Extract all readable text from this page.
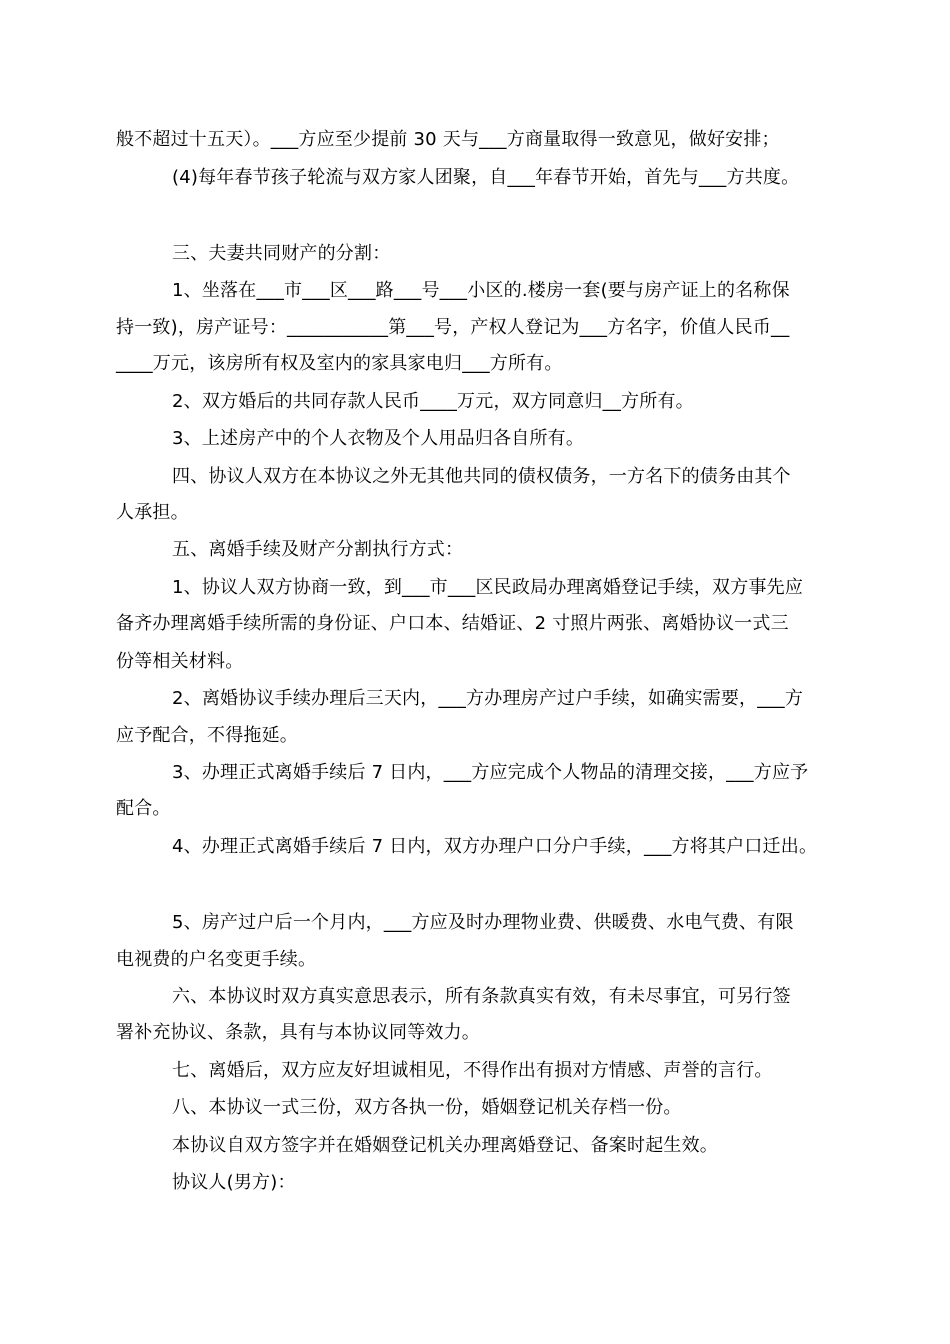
般不超过十五天）。___方应至少提前 30 天与___方商量取得一致意见，做好安排；
(4)每年春节孩子轮流与双方家人团聚，自___年春节开始，首先与___方共度。
三、夫妻共同财产的分割：
1、坐落在___市___区___路___号___小区的.楼房一套(要与房产证上的名称保
持一致)，房产证号：___________第___号，产权人登记为___方名字，价值人民币__
____万元，该房所有权及室内的家具家电归___方所有。
2、双方婚后的共同存款人民币____万元，双方同意归__方所有。
3、上述房产中的个人衣物及个人用品归各自所有。
四、协议人双方在本协议之外无其他共同的债权债务，一方名下的债务由其个
人承担。
五、离婚手续及财产分割执行方式：
1、协议人双方协商一致，到___市___区民政局办理离婚登记手续，双方事先应
备齐办理离婚手续所需的身份证、户口本、结婚证、2 寸照片两张、离婚协议一式三
份等相关材料。
2、离婚协议手续办理后三天内，___方办理房产过户手续，如确实需要，___方
应予配合，不得拖延。
3、办理正式离婚手续后 7 日内，___方应完成个人物品的清理交接，___方应予
配合。
4、办理正式离婚手续后 7 日内，双方办理户口分户手续，___方将其户口迁出。
5、房产过户后一个月内，___方应及时办理物业费、供暖费、水电气费、有限
电视费的户名变更手续。
六、本协议时双方真实意思表示，所有条款真实有效，有未尽事宜，可另行签
署补充协议、条款，具有与本协议同等效力。
七、离婚后，双方应友好坦诚相见，不得作出有损对方情感、声誉的言行。
八、本协议一式三份，双方各执一份，婚姻登记机关存档一份。
本协议自双方签字并在婚姻登记机关办理离婚登记、备案时起生效。
协议人(男方)：
